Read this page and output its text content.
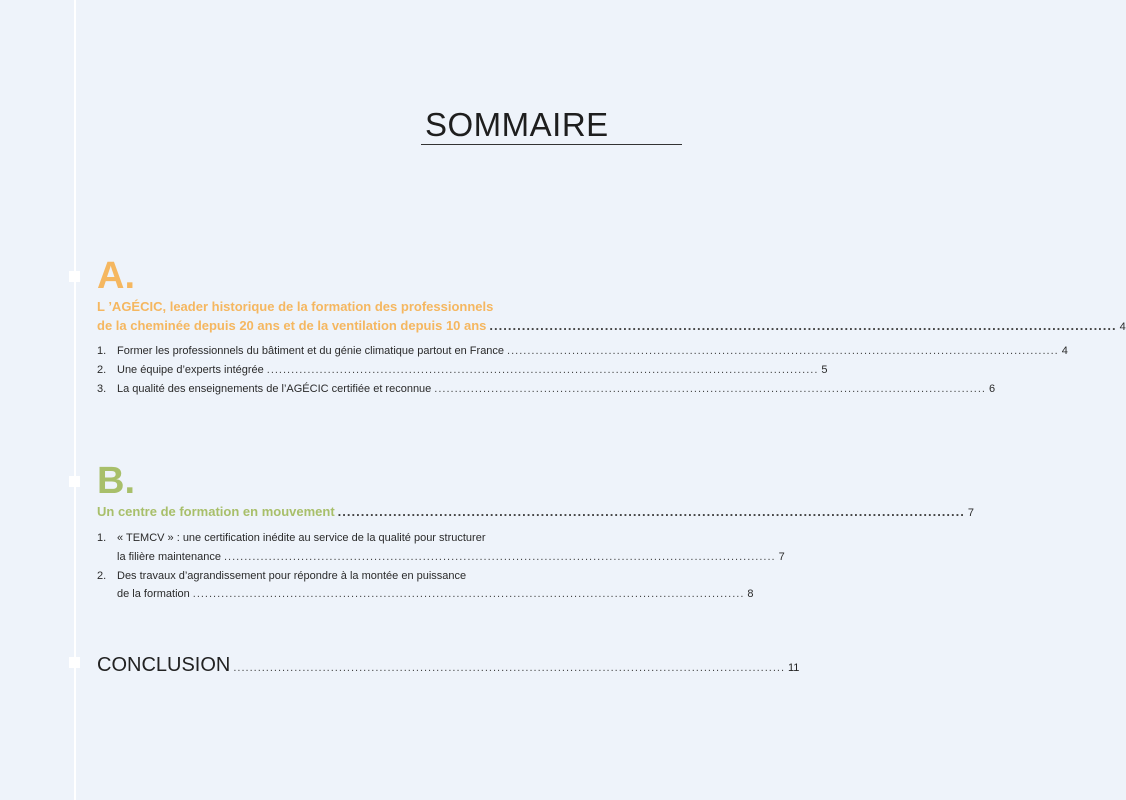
SOMMAIRE
A.
L ’AGÉCIC, leader historique de la formation des professionnels
de la cheminée depuis 20 ans et de la ventilation depuis 10 ans ........................................................................................................................................ 4
1. Former les professionnels du bâtiment et du génie climatique partout en France ........................................................................................................................................ 4
2. Une équipe d’experts intégrée ........................................................................................................................................ 5
3. La qualité des enseignements de l’AGÉCIC certifiée et reconnue ........................................................................................................................................ 6
B.
Un centre de formation en mouvement ........................................................................................................................................ 7
1. « TEMCV » : une certification inédite au service de la qualité pour structurer
la filière maintenance ........................................................................................................................................ 7
2. Des travaux d’agrandissement pour répondre à la montée en puissance
de la formation ........................................................................................................................................ 8
CONCLUSION ........................................................................................................................................ 11
